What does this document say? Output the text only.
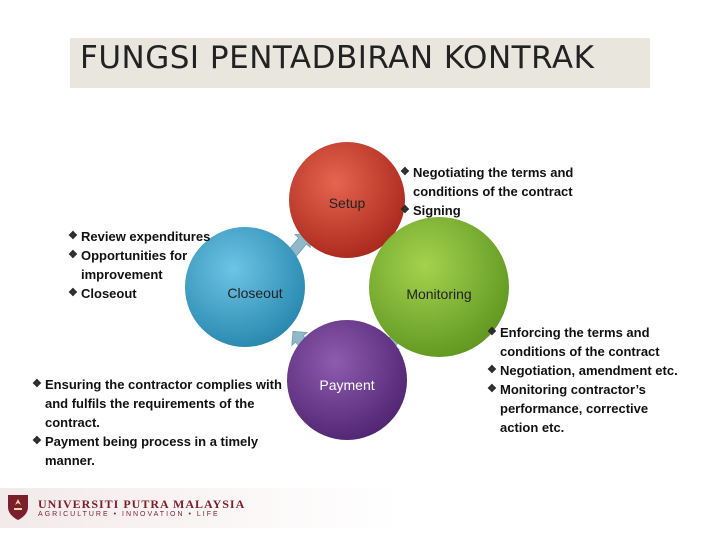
FUNGSI PENTADBIRAN KONTRAK
Setup
Monitoring
Payment
Closeout
❖ Negotiating the terms and conditions of the contract
❖ Signing
❖ Review expenditures
❖ Opportunities for improvement
❖ Closeout
❖ Ensuring the contractor complies with and fulfils the requirements of the contract.
❖ Payment being process in a timely manner.
❖ Enforcing the terms and conditions of the contract
❖ Negotiation, amendment etc.
❖ Monitoring contractor’s performance, corrective action etc.
UNIVERSITI PUTRA MALAYSIA
AGRICULTURE • INNOVATION • LIFE
